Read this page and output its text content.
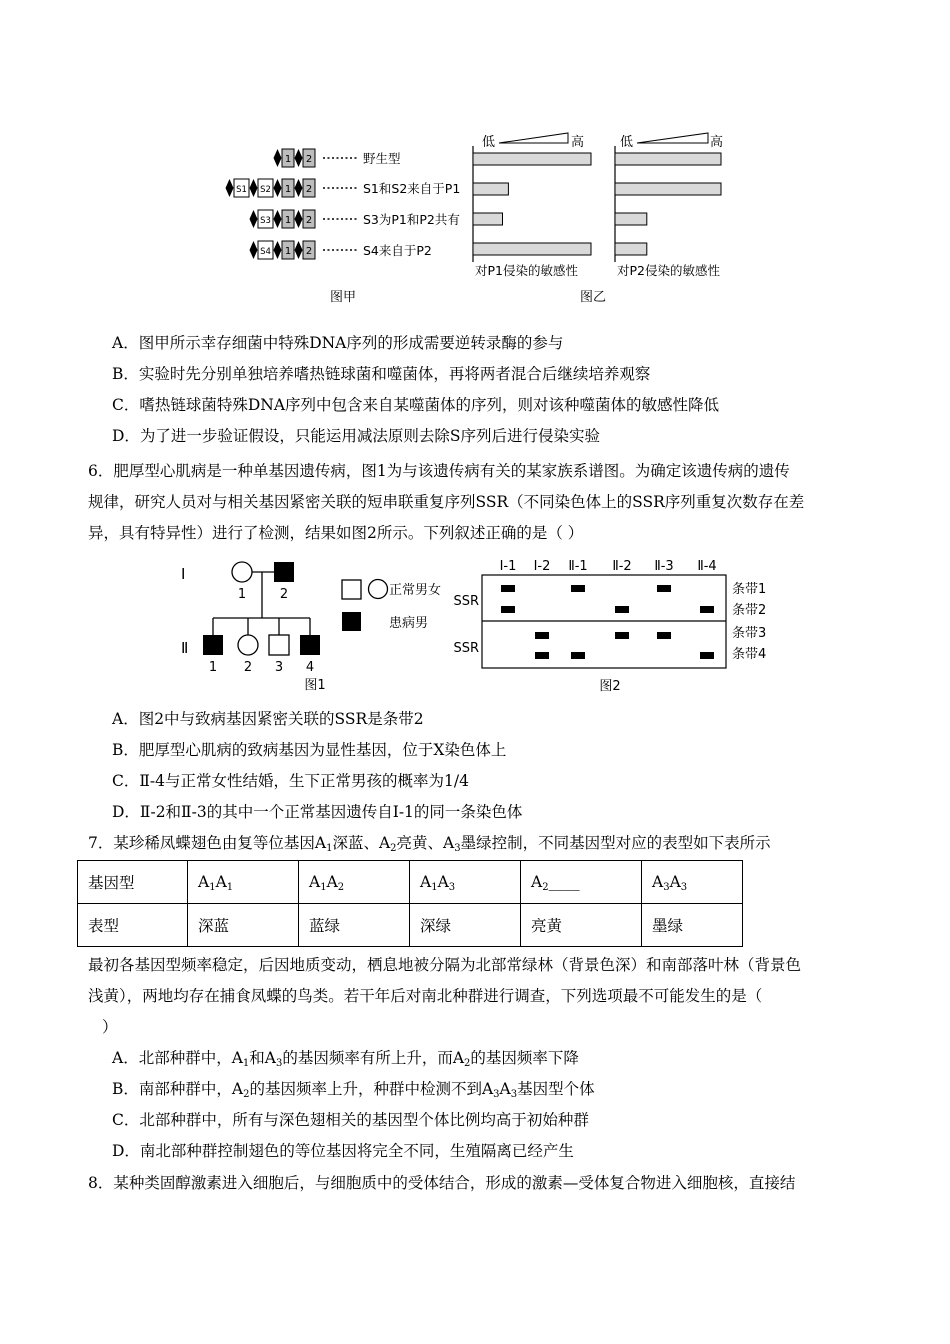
2
1	野生型
2
1
S2
S1	S1和S2来自于P1
2
1
S3	S3为P1和P2共有
2
1
S4	S4来自于P2
图甲
低	高	低	高
对P1侵染的敏感性	对P2侵染的敏感性
图乙
A．图甲所示幸存细菌中特殊DNA序列的形成需要逆转录酶的参与
B．实验时先分别单独培养嗜热链球菌和噬菌体，再将两者混合后继续培养观察
C．嗜热链球菌特殊DNA序列中包含来自某噬菌体的序列，则对该种噬菌体的敏感性降低
D．为了进一步验证假设，只能运用减法原则去除S序列后进行侵染实验
6．肥厚型心肌病是一种单基因遗传病，图1为与该遗传病有关的某家族系谱图。为确定该遗传病的遗传
规律，研究人员对与相关基因紧密关联的短串联重复序列SSR（不同染色体上的SSR序列重复次数存在差
异，具有特异性）进行了检测，结果如图2所示。下列叙述正确的是（ ）
Ⅰ
Ⅱ
1	2
1 2 3 4
图1
正常男女
患病男
Ⅰ-1 Ⅰ-2 Ⅱ-1 Ⅱ-2 Ⅱ-3 Ⅱ-4
SSR
SSR
条带1
条带2
条带3
条带4
图2
A．图2中与致病基因紧密关联的SSR是条带2
B．肥厚型心肌病的致病基因为显性基因，位于X染色体上
C．Ⅱ-4与正常女性结婚，生下正常男孩的概率为1/4
D．Ⅱ-2和Ⅱ-3的其中一个正常基因遗传自Ⅰ-1的同一条染色体
7．某珍稀凤蝶翅色由复等位基因$A_1$深蓝、$A_2$亮黄、$A_3$墨绿控制，不同基因型对应的表型如下表所示
基因型	$A_1A_1$	$A_1A_2$	$A_1A_3$	$A_2\_\_\_\_$	$A_3A_3$
表型	深蓝	蓝绿	深绿	亮黄	墨绿
最初各基因型频率稳定，后因地质变动，栖息地被分隔为北部常绿林（背景色深）和南部落叶林（背景色
浅黄），两地均存在捕食凤蝶的鸟类。若干年后对南北种群进行调查，下列选项最不可能发生的是（
）
A．北部种群中，$A_1$和$A_3$的基因频率有所上升，而$A_2$的基因频率下降
B．南部种群中，$A_2$的基因频率上升，种群中检测不到$A_3A_3$基因型个体
C．北部种群中，所有与深色翅相关的基因型个体比例均高于初始种群
D．南北部种群控制翅色的等位基因将完全不同，生殖隔离已经产生
8．某种类固醇激素进入细胞后，与细胞质中的受体结合，形成的激素—受体复合物进入细胞核，直接结
